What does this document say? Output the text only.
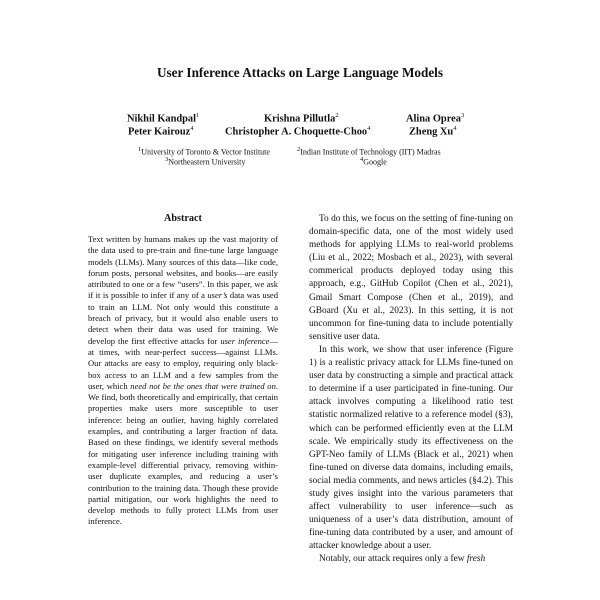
User Inference Attacks on Large Language Models
Nikhil Kandpal$^1$	Krishna Pillutla$^2$	Alina Oprea$^3$
Peter Kairouz$^4$	Christopher A. Choquette-Choo$^4$	Zheng Xu$^4$
$^1$University of Toronto & Vector Institute	$^2$Indian Institute of Technology (IIT) Madras
$^3$Northeastern University	$^4$Google
Abstract
Text written by humans makes up the vast majority of the data used to pre-train and fine-tune large language models (LLMs). Many sources of this data—like code, forum posts, personal websites, and books—are easily attributed to one or a few “users”. In this paper, we ask if it is possible to infer if any of a user’s data was used to train an LLM. Not only would this constitute a breach of privacy, but it would also enable users to detect when their data was used for training. We develop the first effective attacks for user inference—at times, with near-perfect success—against LLMs. Our attacks are easy to employ, requiring only black-box access to an LLM and a few samples from the user, which need not be the ones that were trained on. We find, both theoretically and empirically, that certain properties make users more susceptible to user inference: being an outlier, having highly correlated examples, and contributing a larger fraction of data. Based on these findings, we identify several methods for mitigating user inference including training with example-level differential privacy, removing within-user duplicate examples, and reducing a user’s contribution to the training data. Though these provide partial mitigation, our work highlights the need to develop methods to fully protect LLMs from user inference.

To do this, we focus on the setting of fine-tuning on domain-specific data, one of the most widely used methods for applying LLMs to real-world problems (Liu et al., 2022; Mosbach et al., 2023), with several commerical products deployed today using this approach, e.g., GitHub Copilot (Chen et al., 2021), Gmail Smart Compose (Chen et al., 2019), and GBoard (Xu et al., 2023). In this setting, it is not uncommon for fine-tuning data to include potentially sensitive user data.

In this work, we show that user inference (Figure 1) is a realistic privacy attack for LLMs fine-tuned on user data by constructing a simple and practical attack to determine if a user participated in fine-tuning. Our attack involves computing a likelihood ratio test statistic normalized relative to a reference model (§3), which can be performed efficiently even at the LLM scale. We empirically study its effectiveness on the GPT-Neo family of LLMs (Black et al., 2021) when fine-tuned on diverse data domains, including emails, social media comments, and news articles (§4.2). This study gives insight into the various parameters that affect vulnerability to user inference—such as uniqueness of a user’s data distribution, amount of fine-tuning data contributed by a user, and amount of attacker knowledge about a user.

Notably, our attack requires only a few fresh
